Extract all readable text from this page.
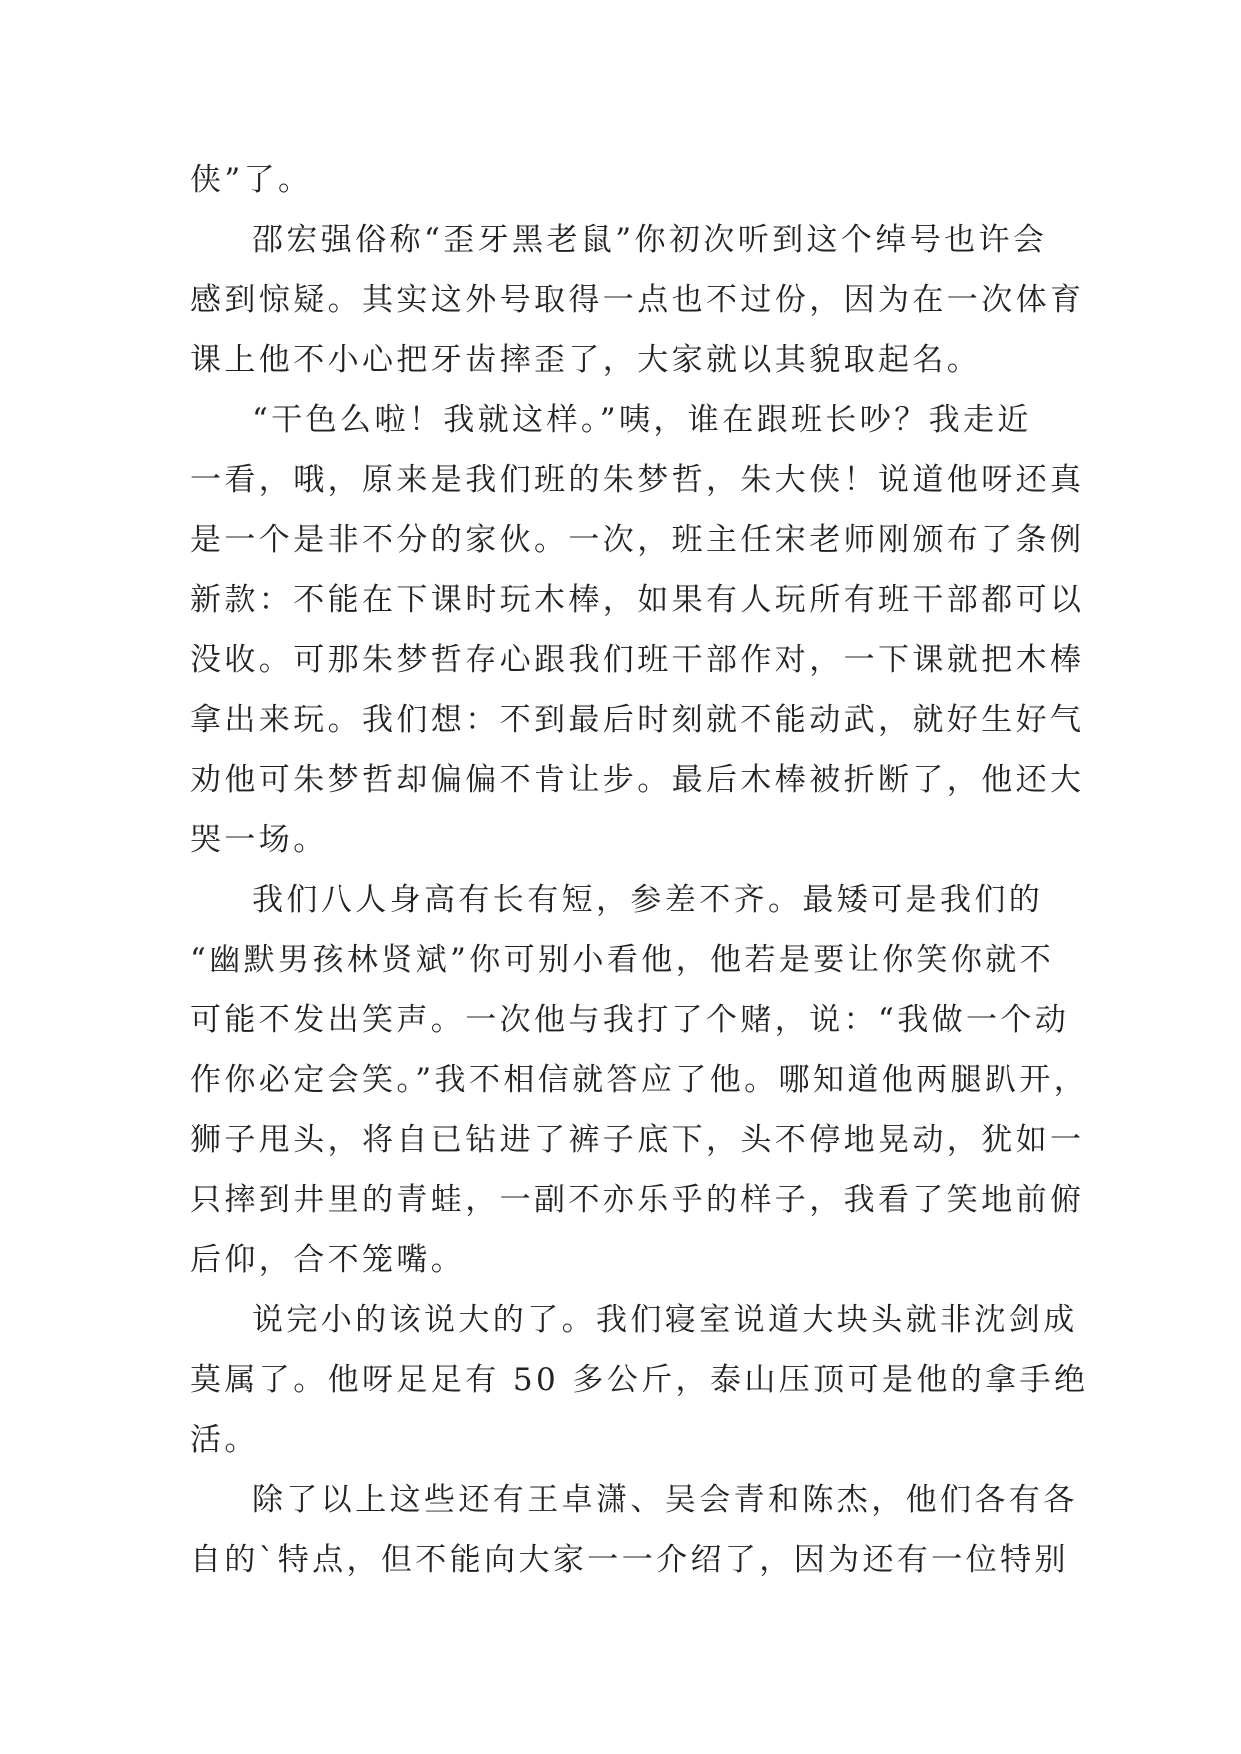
侠”了。
邵宏强俗称“歪牙黑老鼠”你初次听到这个绰号也许会
感到惊疑。其实这外号取得一点也不过份，因为在一次体育
课上他不小心把牙齿摔歪了，大家就以其貌取起名。
“干色么啦！我就这样。”咦，谁在跟班长吵？我走近
一看，哦，原来是我们班的朱梦哲，朱大侠！说道他呀还真
是一个是非不分的家伙。一次，班主任宋老师刚颁布了条例
新款：不能在下课时玩木棒，如果有人玩所有班干部都可以
没收。可那朱梦哲存心跟我们班干部作对，一下课就把木棒
拿出来玩。我们想：不到最后时刻就不能动武，就好生好气
劝他可朱梦哲却偏偏不肯让步。最后木棒被折断了，他还大
哭一场。
我们八人身高有长有短，参差不齐。最矮可是我们的
“幽默男孩林贤斌”你可别小看他，他若是要让你笑你就不
可能不发出笑声。一次他与我打了个赌，说：“我做一个动
作你必定会笑。”我不相信就答应了他。哪知道他两腿趴开，
狮子甩头，将自已钻进了裤子底下，头不停地晃动，犹如一
只摔到井里的青蛙，一副不亦乐乎的样子，我看了笑地前俯
后仰，合不笼嘴。
说完小的该说大的了。我们寝室说道大块头就非沈剑成
莫属了。他呀足足有 50 多公斤，泰山压顶可是他的拿手绝
活。
除了以上这些还有王卓潇、吴会青和陈杰，他们各有各
自的`特点，但不能向大家一一介绍了，因为还有一位特别
